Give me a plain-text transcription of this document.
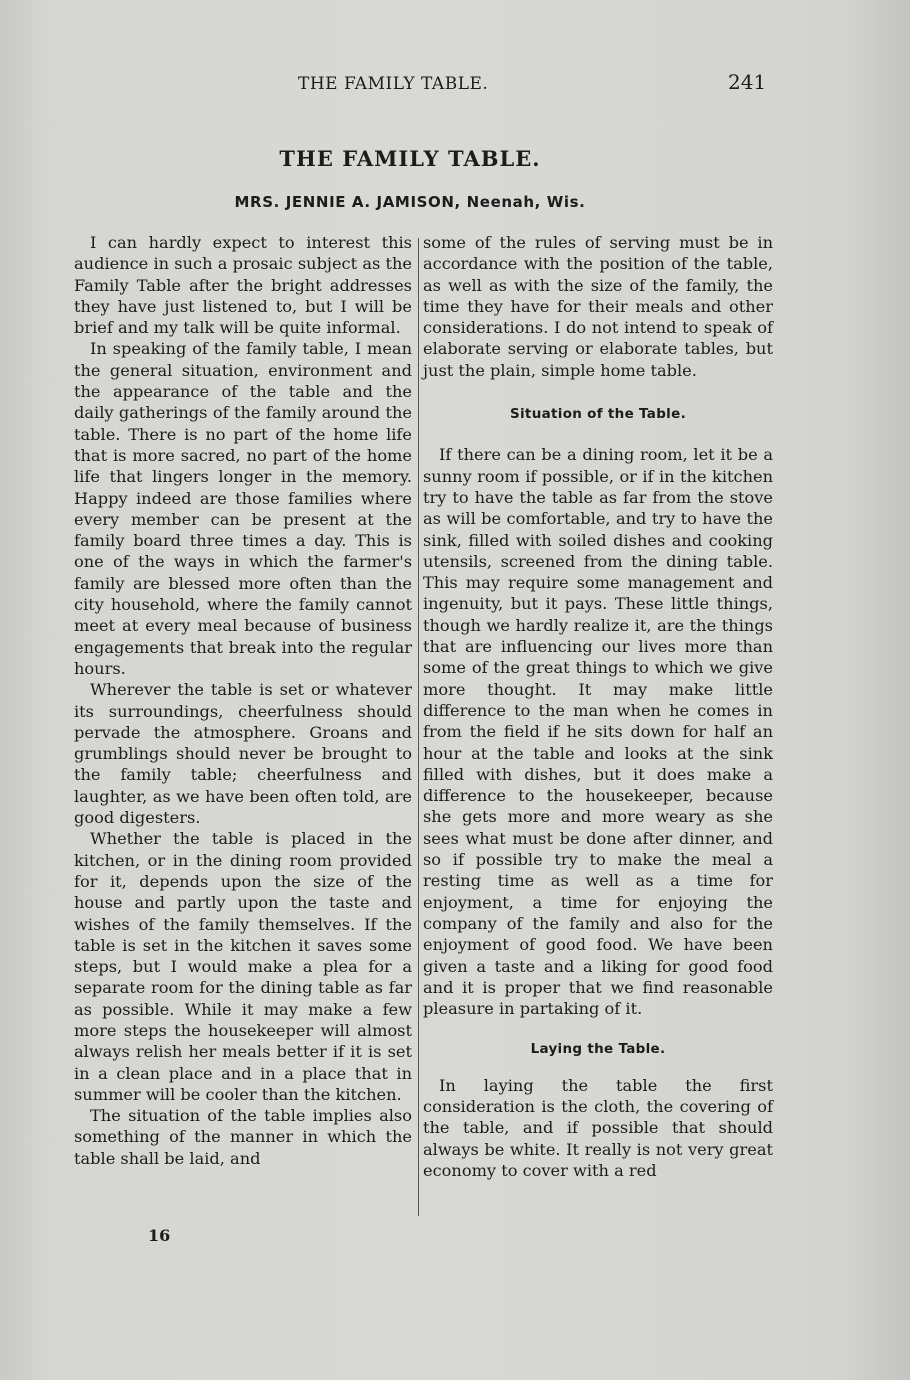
THE FAMILY TABLE.	241
THE FAMILY TABLE.
MRS. JENNIE A. JAMISON, Neenah, Wis.

I can hardly expect to interest this audience in such a prosaic subject as the Family Table after the bright addresses they have just listened to, but I will be brief and my talk will be quite informal.

In speaking of the family table, I mean the general situation, environment and the appearance of the table and the daily gatherings of the family around the table. There is no part of the home life that is more sacred, no part of the home life that lingers longer in the memory. Happy indeed are those families where every member can be present at the family board three times a day. This is one of the ways in which the farmer's family are blessed more often than the city household, where the family cannot meet at every meal because of business engagements that break into the regular hours.

Wherever the table is set or whatever its surroundings, cheerfulness should pervade the atmosphere. Groans and grumblings should never be brought to the family table; cheerfulness and laughter, as we have been often told, are good digesters.

Whether the table is placed in the kitchen, or in the dining room provided for it, depends upon the size of the house and partly upon the taste and wishes of the family themselves. If the table is set in the kitchen it saves some steps, but I would make a plea for a separate room for the dining table as far as possible. While it may make a few more steps the housekeeper will almost always relish her meals better if it is set in a clean place and in a place that in summer will be cooler than the kitchen.

The situation of the table implies also something of the manner in which the table shall be laid, and

some of the rules of serving must be in accordance with the position of the table, as well as with the size of the family, the time they have for their meals and other considerations. I do not intend to speak of elaborate serving or elaborate tables, but just the plain, simple home table.

Situation of the Table.

If there can be a dining room, let it be a sunny room if possible, or if in the kitchen try to have the table as far from the stove as will be comfortable, and try to have the sink, filled with soiled dishes and cooking utensils, screened from the dining table. This may require some management and ingenuity, but it pays. These little things, though we hardly realize it, are the things that are influencing our lives more than some of the great things to which we give more thought. It may make little difference to the man when he comes in from the field if he sits down for half an hour at the table and looks at the sink filled with dishes, but it does make a difference to the housekeeper, because she gets more and more weary as she sees what must be done after dinner, and so if possible try to make the meal a resting time as well as a time for enjoyment, a time for enjoying the company of the family and also for the enjoyment of good food. We have been given a taste and a liking for good food and it is proper that we find reasonable pleasure in partaking of it.

Laying the Table.

In laying the table the first consideration is the cloth, the covering of the table, and if possible that should always be white. It really is not very great economy to cover with a red

16
